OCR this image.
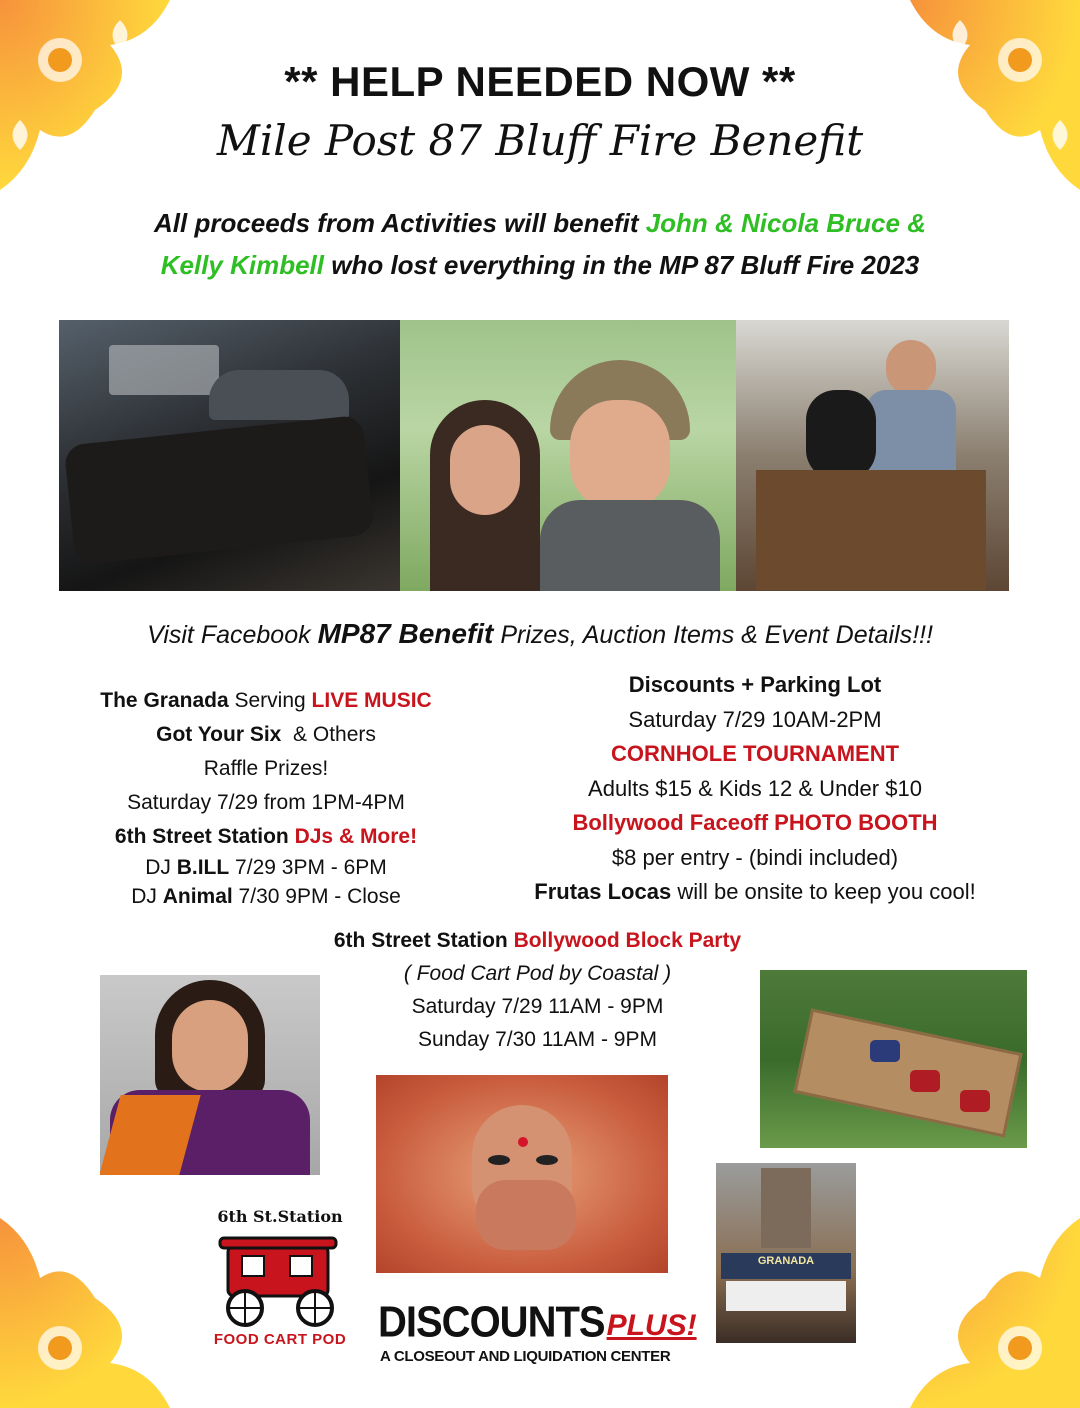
** HELP NEEDED NOW **
Mile Post 87 Bluff Fire Benefit
All proceeds from Activities will benefit John & Nicola Bruce &
Kelly Kimbell who lost everything in the MP 87 Bluff Fire 2023
Visit Facebook MP87 Benefit Prizes, Auction Items & Event Details!!!
The Granada Serving LIVE MUSIC
Got Your Six  & Others
Raffle Prizes!
Saturday 7/29 from 1PM-4PM
6th Street Station DJs & More!
DJ B.ILL 7/29 3PM - 6PM
DJ Animal 7/30 9PM - Close
Discounts + Parking Lot
Saturday 7/29 10AM-2PM
CORNHOLE TOURNAMENT
Adults $15 & Kids 12 & Under $10
Bollywood Faceoff PHOTO BOOTH
$8 per entry - (bindi included)
Frutas Locas will be onsite to keep you cool!
6th Street Station Bollywood Block Party
( Food Cart Pod by Coastal )
Saturday 7/29 11AM - 9PM
Sunday 7/30 11AM - 9PM
GRANADA
6th St.Station
FOOD CART POD DISCOUNTSPLUS!
A CLOSEOUT AND LIQUIDATION CENTER
